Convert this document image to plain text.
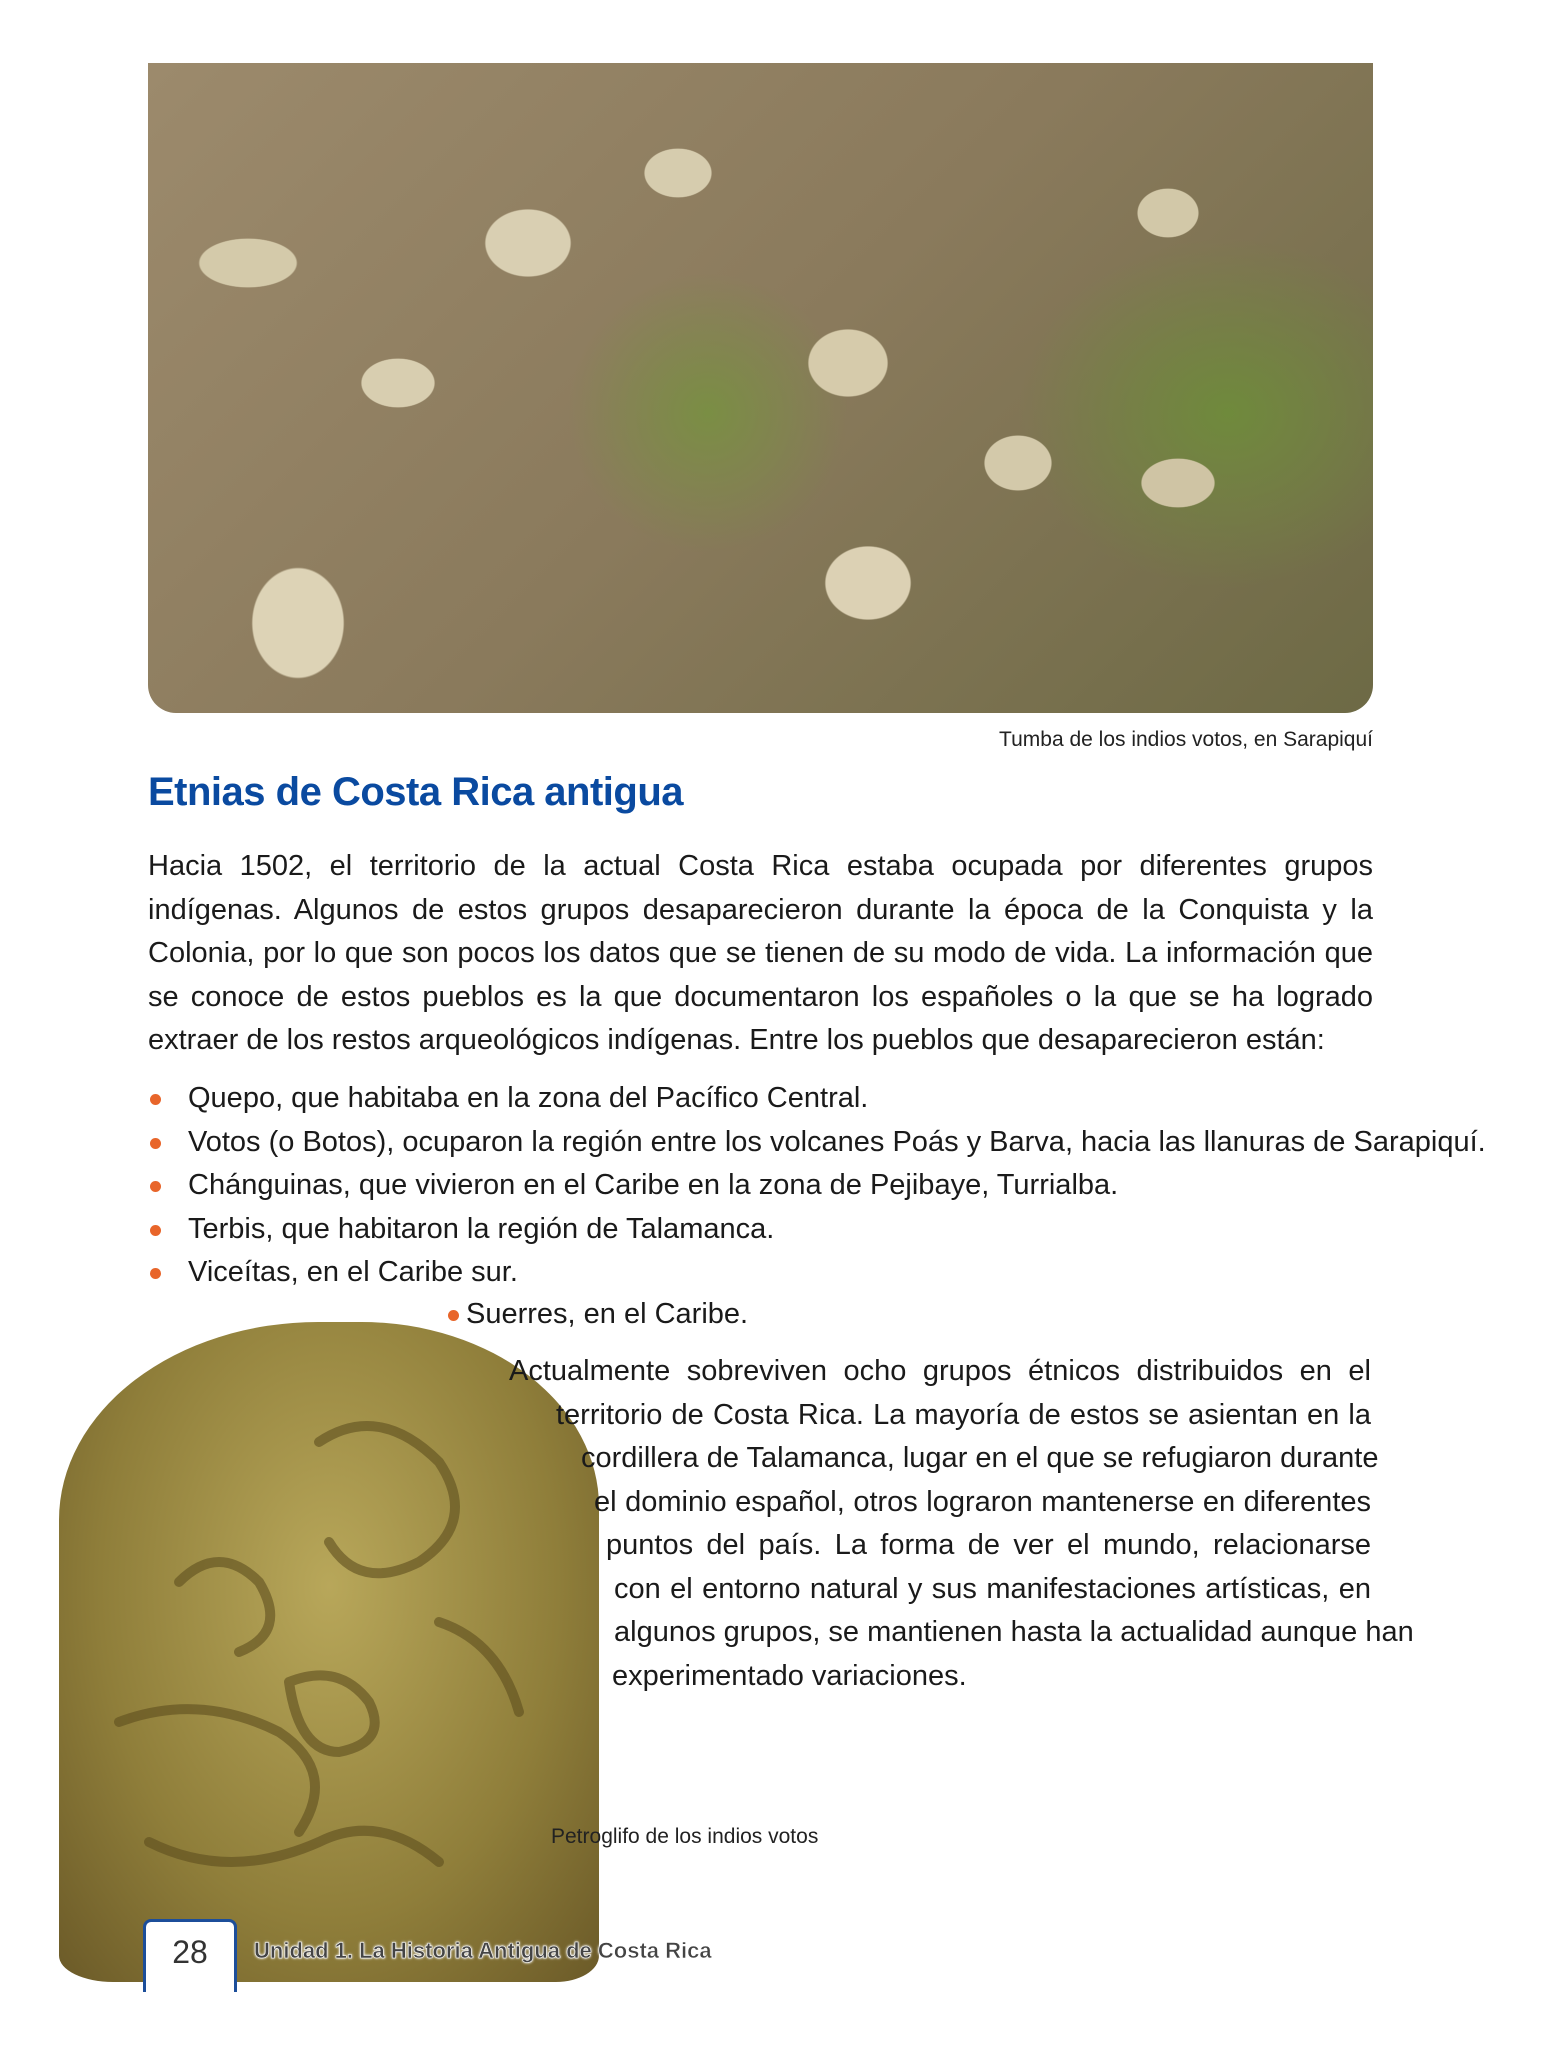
Tumba de los indios votos, en Sarapiquí
Etnias de Costa Rica antigua

Hacia 1502, el territorio de la actual Costa Rica estaba ocupada por diferentes grupos indígenas. Algunos de estos grupos desaparecieron durante la época de la Conquista y la Colonia, por lo que son pocos los datos que se tienen de su modo de vida. La información que se conoce de estos pueblos es la que documentaron los españoles o la que se ha logrado extraer de los restos arqueológicos indígenas. Entre los pueblos que desaparecieron están:

Quepo, que habitaba en la zona del Pacífico Central.
Votos (o Botos), ocuparon la región entre los volcanes Poás y Barva, hacia las llanuras de Sarapiquí.
Chánguinas, que vivieron en el Caribe en la zona de Pejibaye, Turrialba.
Terbis, que habitaron la región de Talamanca.
Viceítas, en el Caribe sur.
Suerres, en el Caribe.
Actualmente sobreviven ocho grupos étnicos distribuidos en el
territorio de Costa Rica. La mayoría de estos se asientan en la
cordillera de Talamanca, lugar en el que se refugiaron durante
el dominio español, otros lograron mantenerse en diferentes
puntos del país. La forma de ver el mundo, relacionarse
con el entorno natural y sus manifestaciones artísticas, en
algunos grupos, se mantienen hasta la actualidad aunque han
experimentado variaciones.
Petroglifo de los indios votos
28	Unidad 1. La Historia Antigua de Costa Rica
